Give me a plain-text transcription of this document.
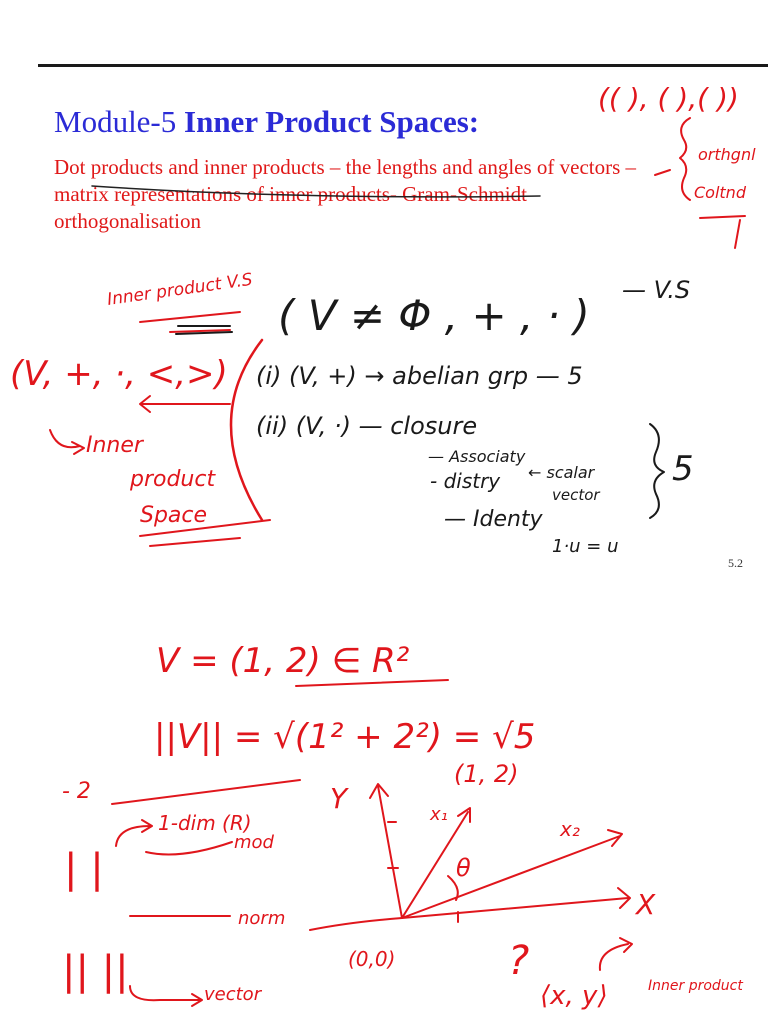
Module-5 Inner Product Spaces:
Dot products and inner products – the lengths and angles of vectors – matrix representations of inner products- Gram-Schmidt orthogonalisation
5.2
(( ), ( ),( ))
orthgnl
Coltnd
Inner product V.S
( V ≠ Φ , + , · )
— V.S
(V, +, ·, <,>)
Inner
product
Space
(i) (V, +) → abelian grp — 5
(ii) (V, ·) — closure
— Associaty
- distry ← scalar
vector
5
— Identy
1·u = u
V = (1, 2) ∈ R²
||V|| = √(1² + 2²) = √5
- 2
1-dim (R)
mod
| |
norm
|| ||
vector
Y
X
(1, 2)
x₁
x₂
θ
(0,0)	?
⟨x, y⟩	Inner product
